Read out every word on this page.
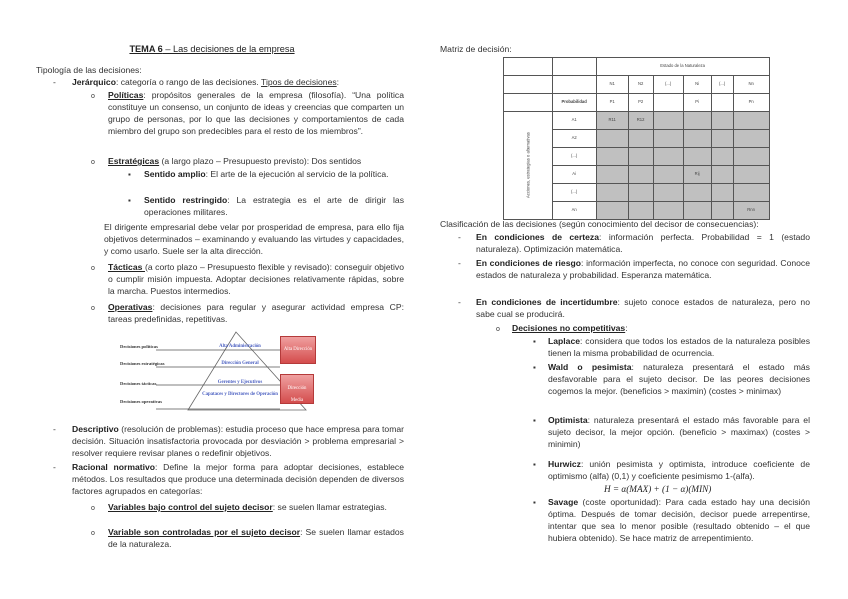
TEMA 6 – Las decisiones de la empresa
Tipología de las decisiones:
- Jerárquico: categoría o rango de las decisiones. Tipos de decisiones:
o Políticas: propósitos generales de la empresa (filosofía). “Una política constituye un consenso, un conjunto de ideas y creencias que comparten un grupo de personas, por lo que las decisiones y comportamientos de cada miembro del grupo son predecibles para el resto de los miembros”.
o Estratégicas (a largo plazo – Presupuesto previsto): Dos sentidos
▪ Sentido amplio: El arte de la ejecución al servicio de la política.
▪ Sentido restringido: La estrategia es el arte de dirigir las operaciones militares.
El dirigente empresarial debe velar por prosperidad de empresa, para ello fija objetivos determinados – examinando y evaluando las virtudes y capacidades, y como usarlo. Suele ser la alta dirección.
o Tácticas (a corto plazo – Presupuesto flexible y revisado): conseguir objetivo o cumplir misión impuesta. Adoptar decisiones relativamente rápidas, sobre la marcha. Puestos intermedios.
o Operativas: decisiones para regular y asegurar actividad empresa CP: tareas predefinidas, repetitivas.
Decisiones políticas
Decisiones estratégicas
Decisiones tácticas
Decisiones operativas
Alta Administración
Dirección General
Gerentes y Ejecutivos
Capataces y Directores de Operación
Alta Dirección
Dirección Media
- Descriptivo (resolución de problemas): estudia proceso que hace empresa para tomar decisión. Situación insatisfactoria provocada por desviación > problema empresarial > resolver requiere revisar planes o redefinir objetivos.
- Racional normativo: Define la mejor forma para adoptar decisiones, establece métodos. Los resultados que produce una determinada decisión dependen de diversos factores agrupados en categorías:
o Variables bajo control del sujeto decisor: se suelen llamar estrategias.
o Variable son controladas por el sujeto decisor: Se suelen llamar estados de la naturaleza.
Matriz de decisión:
		Estado de la Naturaleza					
		N1	N2	(...)	Ni	(...)	Nn
	Probabilidad	P1	P2		Pi		Pn
Acciones, estrategias o alternativas	A1	R11	R12				
	A2						
	(...)						
	Ai				Rij		
	(...)						
	An						Rnn
Clasificación de las decisiones (según conocimiento del decisor de consecuencias):
- En condiciones de certeza: información perfecta. Probabilidad = 1 (estado naturaleza). Optimización matemática.
- En condiciones de riesgo: información imperfecta, no conoce con seguridad. Conoce estados de naturaleza y probabilidad. Esperanza matemática.
- En condiciones de incertidumbre: sujeto conoce estados de naturaleza, pero no sabe cual se producirá.
o Decisiones no competitivas:
▪ Laplace: considera que todos los estados de la naturaleza posibles tienen la misma probabilidad de ocurrencia.
▪ Wald o pesimista: naturaleza presentará el estado más desfavorable para el sujeto decisor. De las peores decisiones cogemos la mejor. (beneficios > maximin) (costes > minimax)
▪ Optimista: naturaleza presentará el estado más favorable para el sujeto decisor, la mejor opción. (beneficio > maximax) (costes > minimin)
▪ Hurwicz: unión pesimista y optimista, introduce coeficiente de optimismo (alfa) (0,1) y coeficiente pesimismo 1-(alfa).
H = α(MAX) + (1 − α)(MIN)
▪ Savage (coste oportunidad): Para cada estado hay una decisión óptima. Después de tomar decisión, decisor puede arrepentirse, intentar que sea lo menor posible (resultado obtenido – el que hubiera obtenido). Se hace matriz de arrepentimiento.
